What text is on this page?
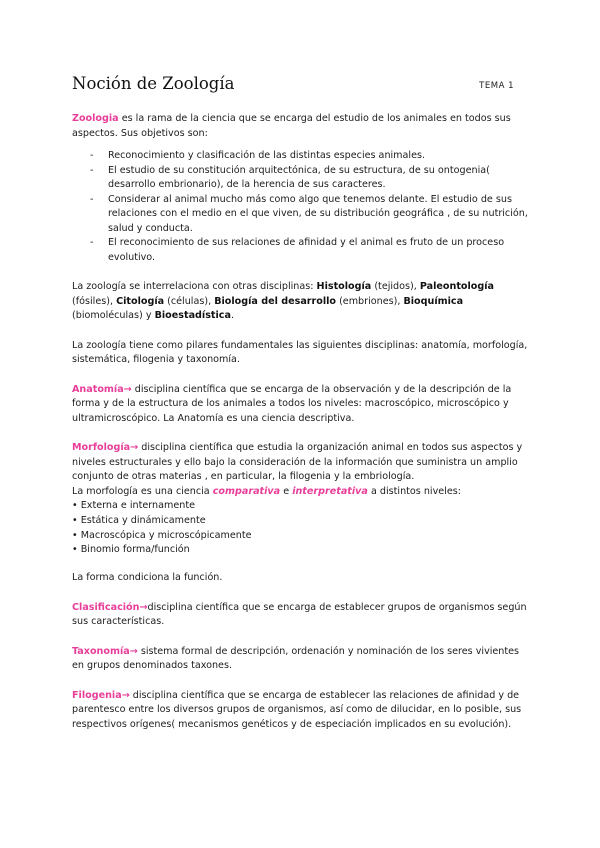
Noción de Zoología	TEMA 1

Zoologia es la rama de la ciencia que se encarga del estudio de los animales en todos sus aspectos. Sus objetivos son:

- Reconocimiento y clasificación de las distintas especies animales.
- El estudio de su constitución arquitectónica, de su estructura, de su ontogenia( desarrollo embrionario), de la herencia de sus caracteres.
- Considerar al animal mucho más como algo que tenemos delante. El estudio de sus relaciones con el medio en el que viven, de su distribución geográfica , de su nutrición, salud y conducta.
- El reconocimiento de sus relaciones de afinidad y el animal es fruto de un proceso evolutivo.

La zoología se interrelaciona con otras disciplinas: Histología (tejidos), Paleontología (fósiles), Citología (células), Biología del desarrollo (embriones), Bioquímica (biomoléculas) y Bioestadística.

La zoología tiene como pilares fundamentales las siguientes disciplinas: anatomía, morfología, sistemática, filogenia y taxonomía.

Anatomía→ disciplina científica que se encarga de la observación y de la descripción de la forma y de la estructura de los animales a todos los niveles: macroscópico, microscópico y ultramicroscópico. La Anatomía es una ciencia descriptiva.

Morfología→ disciplina científica que estudia la organización animal en todos sus aspectos y niveles estructurales y ello bajo la consideración de la información que suministra un amplio conjunto de otras materias , en particular, la filogenia y la embriología.

La morfología es una ciencia comparativa e interpretativa a distintos niveles:

• Externa e internamente
• Estática y dinámicamente
• Macroscópica y microscópicamente
• Binomio forma/función

La forma condiciona la función.

Clasificación→disciplina científica que se encarga de establecer grupos de organismos según sus características.

Taxonomía→ sistema formal de descripción, ordenación y nominación de los seres vivientes en grupos denominados taxones.

Filogenia→ disciplina científica que se encarga de establecer las relaciones de afinidad y de parentesco entre los diversos grupos de organismos, así como de dilucidar, en lo posible, sus respectivos orígenes( mecanismos genéticos y de especiación implicados en su evolución).
